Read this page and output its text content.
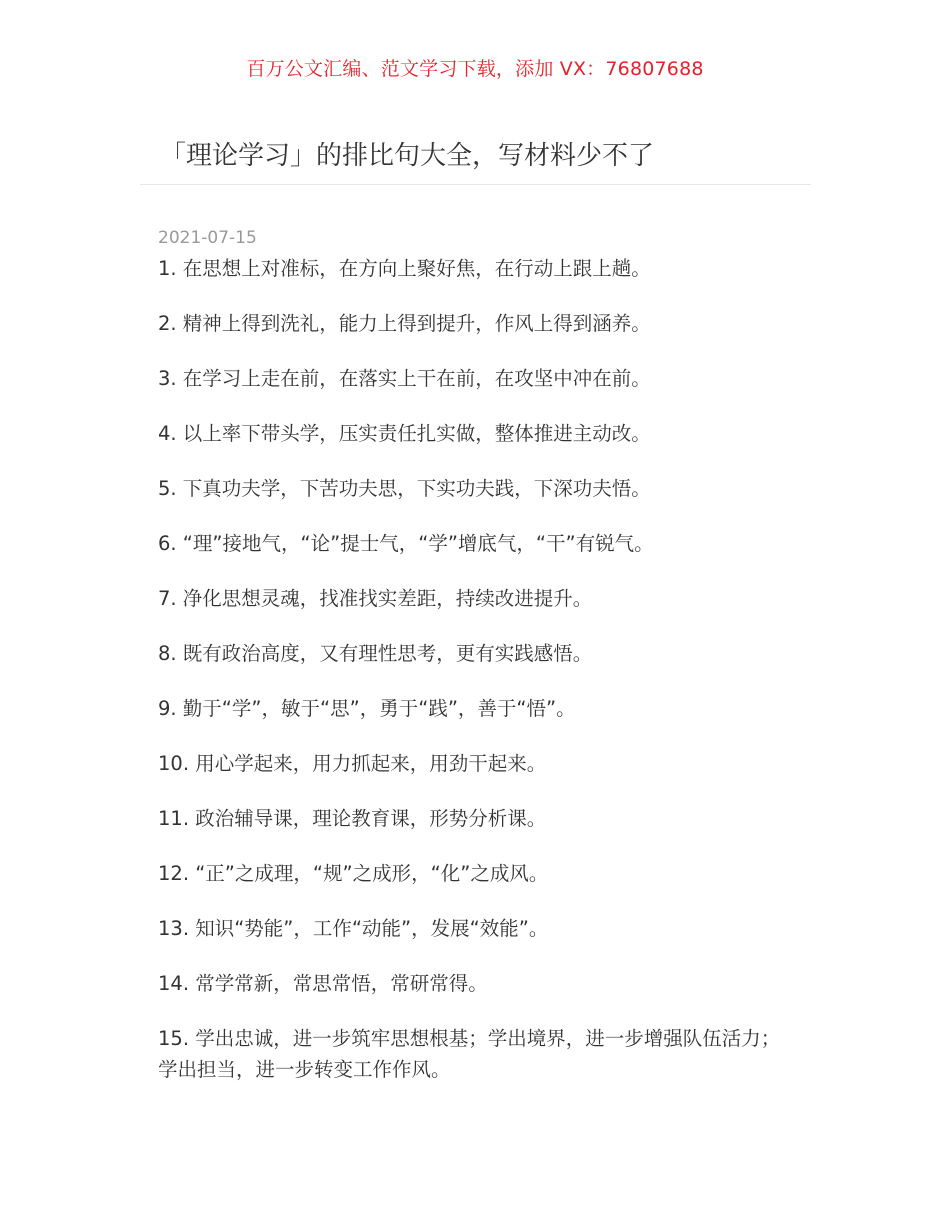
百万公文汇编、范文学习下载，添加 VX：76807688
「理论学习」的排比句大全，写材料少不了
2021-07-15
1. 在思想上对准标，在方向上聚好焦，在行动上跟上趟。
2. 精神上得到洗礼，能力上得到提升，作风上得到涵养。
3. 在学习上走在前，在落实上干在前，在攻坚中冲在前。
4. 以上率下带头学，压实责任扎实做，整体推进主动改。
5. 下真功夫学，下苦功夫思，下实功夫践，下深功夫悟。
6. “理”接地气，“论”提士气，“学”增底气，“干”有锐气。
7. 净化思想灵魂，找准找实差距，持续改进提升。
8. 既有政治高度，又有理性思考，更有实践感悟。
9. 勤于“学”，敏于“思”，勇于“践”，善于“悟”。
10. 用心学起来，用力抓起来，用劲干起来。
11. 政治辅导课，理论教育课，形势分析课。
12. “正”之成理，“规”之成形，“化”之成风。
13. 知识“势能”，工作“动能”，发展“效能”。
14. 常学常新，常思常悟，常研常得。
15. 学出忠诚，进一步筑牢思想根基；学出境界，进一步增强队伍活力；学出担当，进一步转变工作作风。
